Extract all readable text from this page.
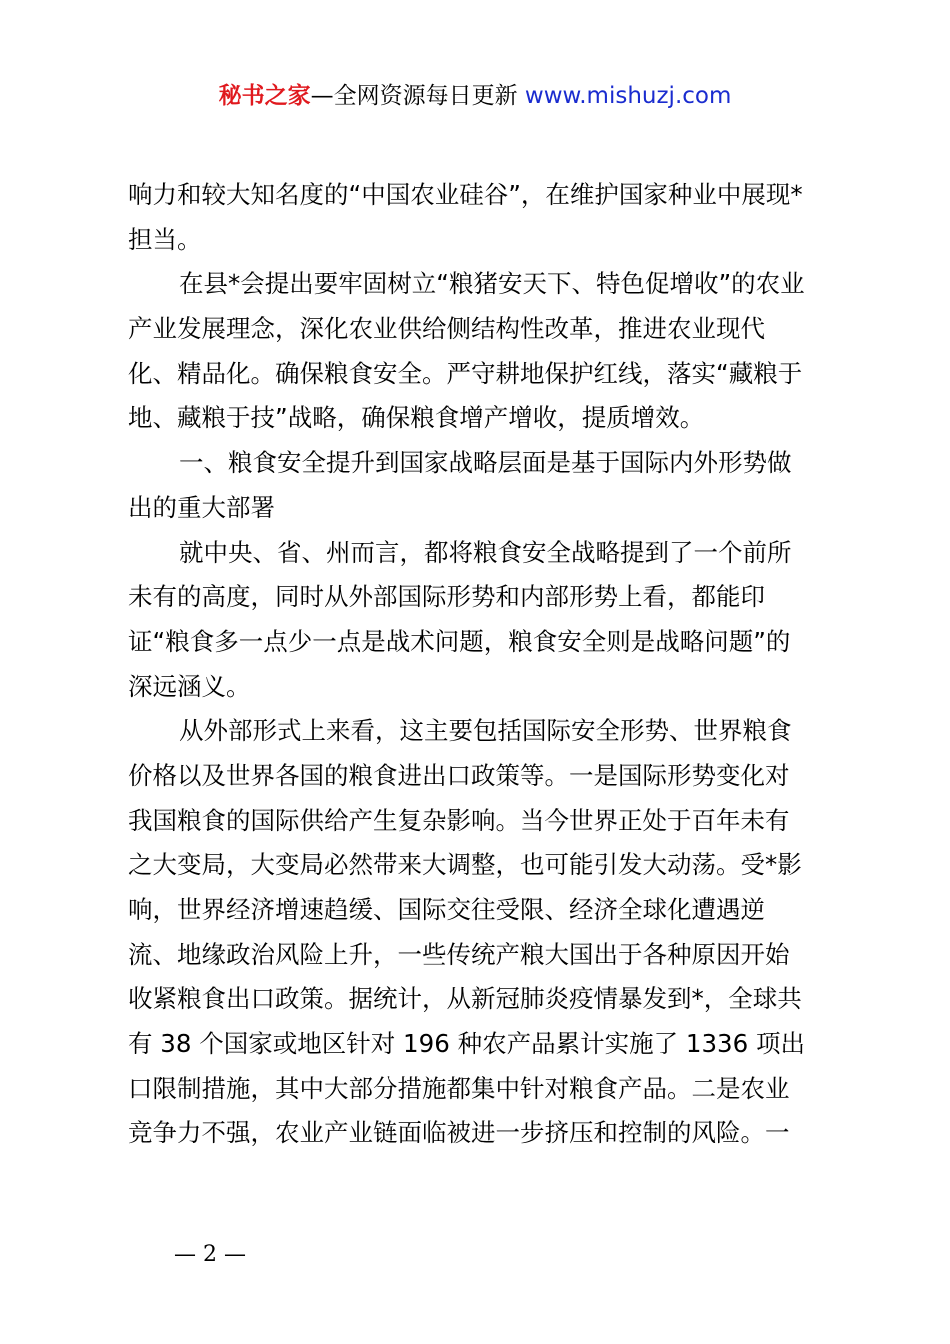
秘书之家—全网资源每日更新 www.mishuzj.com
响力和较大知名度的“中国农业硅谷”，在维护国家种业中展现*
担当。
在县*会提出要牢固树立“粮猪安天下、特色促增收”的农业
产业发展理念，深化农业供给侧结构性改革，推进农业现代
化、精品化。确保粮食安全。严守耕地保护红线，落实“藏粮于
地、藏粮于技”战略，确保粮食增产增收，提质增效。
一、粮食安全提升到国家战略层面是基于国际内外形势做
出的重大部署
就中央、省、州而言，都将粮食安全战略提到了一个前所
未有的高度，同时从外部国际形势和内部形势上看，都能印
证“粮食多一点少一点是战术问题，粮食安全则是战略问题”的
深远涵义。
从外部形式上来看，这主要包括国际安全形势、世界粮食
价格以及世界各国的粮食进出口政策等。一是国际形势变化对
我国粮食的国际供给产生复杂影响。当今世界正处于百年未有
之大变局，大变局必然带来大调整，也可能引发大动荡。受*影
响，世界经济增速趋缓、国际交往受限、经济全球化遭遇逆
流、地缘政治风险上升，一些传统产粮大国出于各种原因开始
收紧粮食出口政策。据统计，从新冠肺炎疫情暴发到*，全球共
有 38 个国家或地区针对 196 种农产品累计实施了 1336 项出
口限制措施，其中大部分措施都集中针对粮食产品。二是农业
竞争力不强，农业产业链面临被进一步挤压和控制的风险。一
— 2 —
